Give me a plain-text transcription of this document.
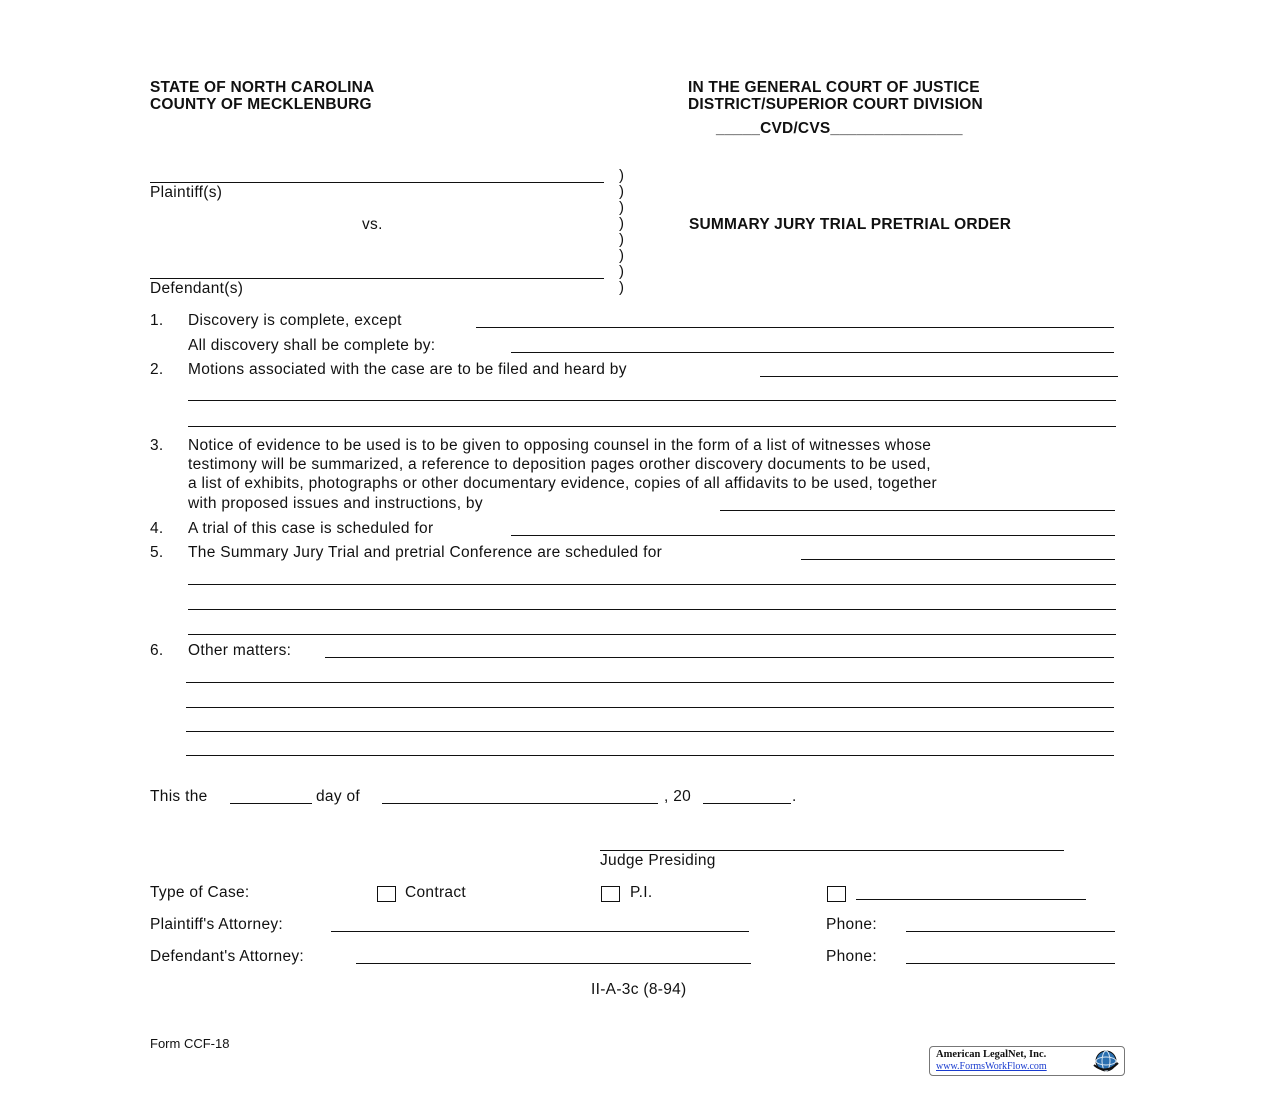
STATE OF NORTH CAROLINA
COUNTY OF MECKLENBURG
IN THE GENERAL COURT OF JUSTICE
DISTRICT/SUPERIOR COURT DIVISION
_____CVD/CVS_______________
Plaintiff(s)
vs.
Defendant(s)
)
)
)
)
)
)
)
)
SUMMARY JURY TRIAL PRETRIAL ORDER
1. Discovery is complete, except
All discovery shall be complete by:
2. Motions associated with the case are to be filed and heard by
3. Notice of evidence to be used is to be given to opposing counsel in the form of a list of witnesses whose
testimony will be summarized, a reference to deposition pages orother discovery documents to be used,
a list of exhibits, photographs or other documentary evidence, copies of all affidavits to be used, together
with proposed issues and instructions, by
4. A trial of this case is scheduled for
5. The Summary Jury Trial and pretrial Conference are scheduled for
6. Other matters:
This the	day of	, 20	.
Judge Presiding
Type of Case:	Contract	P.I.
Plaintiff's Attorney:	Phone:
Defendant's Attorney:	Phone:
II-A-3c (8-94)
Form CCF-18
American LegalNet, Inc.
www.FormsWorkFlow.com
